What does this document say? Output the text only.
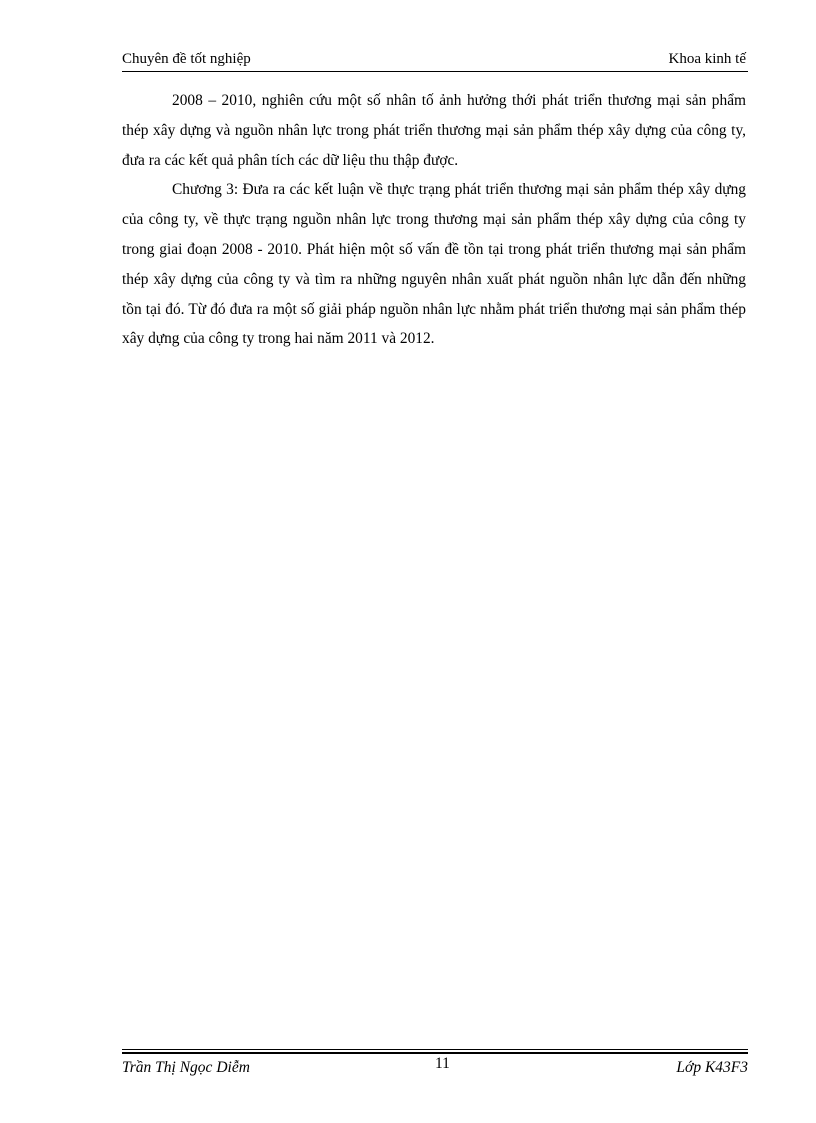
Chuyên đề tốt nghiệp	Khoa kinh tế

2008 – 2010, nghiên cứu một số nhân tố ảnh hưởng thới phát triển thương mại sản phẩm thép xây dựng và nguồn nhân lực trong phát triển thương mại sản phẩm thép xây dựng của công ty, đưa ra các kết quả phân tích các dữ liệu thu thập được.

Chương 3: Đưa ra các kết luận về thực trạng phát triển thương mại sản phẩm thép xây dựng của công ty, về thực trạng nguồn nhân lực trong thương mại sản phẩm thép xây dựng của công ty trong giai đoạn 2008 - 2010. Phát hiện một số vấn đề tồn tại trong phát triển thương mại sản phẩm thép xây dựng của công ty và tìm ra những nguyên nhân xuất phát nguồn nhân lực dẫn đến những tồn tại đó. Từ đó đưa ra một số giải pháp nguồn nhân lực nhằm phát triển thương mại sản phẩm thép xây dựng của công ty trong hai năm 2011 và 2012.

Trần Thị Ngọc Diễm	11	Lớp K43F3
